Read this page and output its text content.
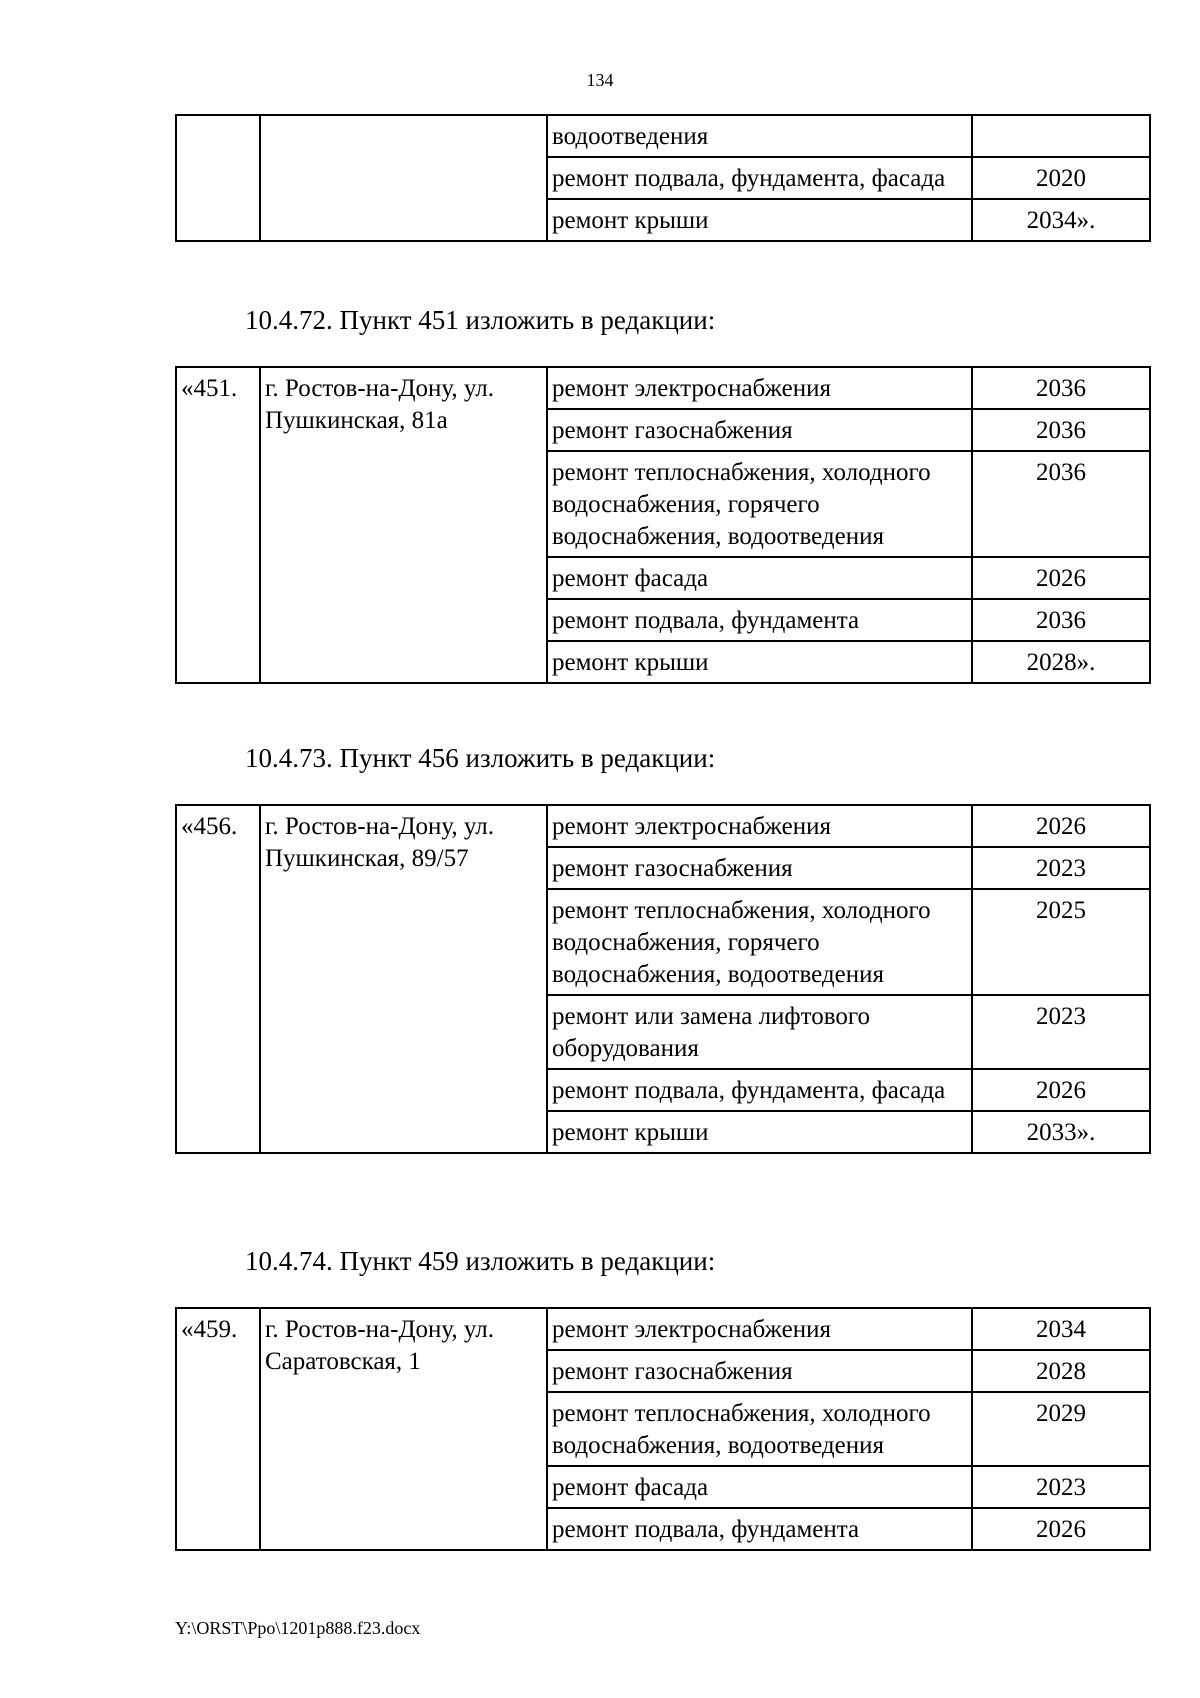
134
		водоотведения	
		ремонт подвала, фундамента, фасада	2020
		ремонт крыши	2034».
10.4.72. Пункт 451 изложить в редакции:
«451.	г. Ростов-на-Дону, ул. Пушкинская, 81а	ремонт электроснабжения	2036
		ремонт газоснабжения	2036
		ремонт теплоснабжения, холодного водоснабжения, горячего водоснабжения, водоотведения	2036
		ремонт фасада	2026
		ремонт подвала, фундамента	2036
		ремонт крыши	2028».
10.4.73. Пункт 456 изложить в редакции:
«456.	г. Ростов-на-Дону, ул. Пушкинская, 89/57	ремонт электроснабжения	2026
		ремонт газоснабжения	2023
		ремонт теплоснабжения, холодного водоснабжения, горячего водоснабжения, водоотведения	2025
		ремонт или замена лифтового оборудования	2023
		ремонт подвала, фундамента, фасада	2026
		ремонт крыши	2033».
10.4.74. Пункт 459 изложить в редакции:
«459.	г. Ростов-на-Дону, ул. Саратовская, 1	ремонт электроснабжения	2034
		ремонт газоснабжения	2028
		ремонт теплоснабжения, холодного водоснабжения, водоотведения	2029
		ремонт фасада	2023
		ремонт подвала, фундамента	2026
Y:\ORST\Ppo\1201p888.f23.docx
